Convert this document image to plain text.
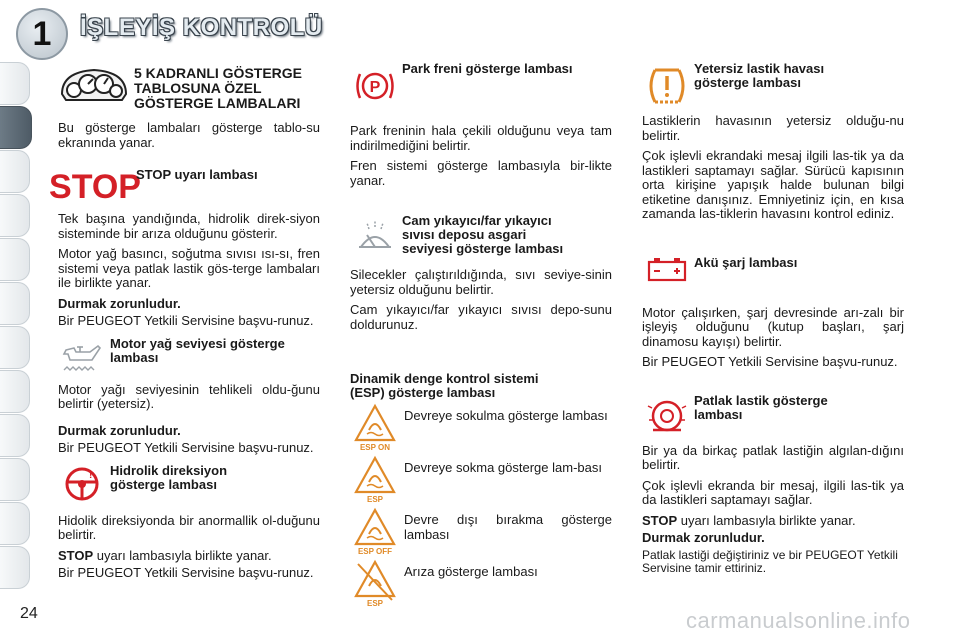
1 İŞLEYİŞ KONTROLÜ
5 KADRANLI GÖSTERGE
TABLOSUNA ÖZEL
GÖSTERGE LAMBALARI

Bu gösterge lambaları gösterge tablo-su ekranında yanar.

STOP
STOP uyarı lambası

Tek başına yandığında, hidrolik direk-siyon sisteminde bir arıza olduğunu gösterir.

Motor yağ basıncı, soğutma sıvısı ısı-sı, fren sistemi veya patlak lastik gös-terge lambaları ile birlikte yanar.

Durmak zorunludur.

Bir PEUGEOT Yetkili Servisine başvu-runuz.

Motor yağ seviyesi gösterge lambası

Motor yağı seviyesinin tehlikeli oldu-ğunu belirtir (yetersiz).

Durmak zorunludur.

Bir PEUGEOT Yetkili Servisine başvu-runuz.

! Hidrolik direksiyon
gösterge lambası

Hidolik direksiyonda bir anormallik ol-duğunu belirtir.

STOP uyarı lambasıyla birlikte yanar.

Bir PEUGEOT Yetkili Servisine başvu-runuz.

P
Park freni gösterge lambası

Park freninin hala çekili olduğunu veya tam indirilmediğini belirtir.

Fren sistemi gösterge lambasıyla bir-likte yanar.

Cam yıkayıcı/far yıkayıcı
sıvısı deposu asgari
seviyesi gösterge lambası

Silecekler çalıştırıldığında, sıvı seviye-sinin yetersiz olduğunu belirtir.

Cam yıkayıcı/far yıkayıcı sıvısı depo-sunu doldurunuz.

Dinamik denge kontrol sistemi
(ESP) gösterge lambası
ESP ON
Devreye sokulma gösterge lambası
ESP
Devreye sokma gösterge lam-bası
ESP OFF
Devre dışı bırakma gösterge lambası
ESP
Arıza gösterge lambası
Yetersiz lastik havası
gösterge lambası

Lastiklerin havasının yetersiz olduğu-nu belirtir.

Çok işlevli ekrandaki mesaj ilgili las-tik ya da lastikleri saptamayı sağlar. Sürücü kapısının orta kirişine yapışık halde bulunan bilgi etiketine danışınız. Emniyetiniz için, en kısa zamanda las-tiklerin havasını kontrol ediniz.

Akü şarj lambası

Motor çalışırken, şarj devresinde arı-zalı bir işleyiş olduğunu (kutup başları, şarj dinamosu kayışı) belirtir.

Bir PEUGEOT Yetkili Servisine başvu-runuz.

Patlak lastik gösterge
lambası

Bir ya da birkaç patlak lastiğin algılan-dığını belirtir.

Çok işlevli ekranda bir mesaj, ilgili las-tik ya da lastikleri saptamayı sağlar.

STOP uyarı lambasıyla birlikte yanar.

Durmak zorunludur.

Patlak lastiği değiştiriniz ve bir PEUGEOT Yetkili Servisine tamir ettiriniz.

24	carmanualsonline.info
